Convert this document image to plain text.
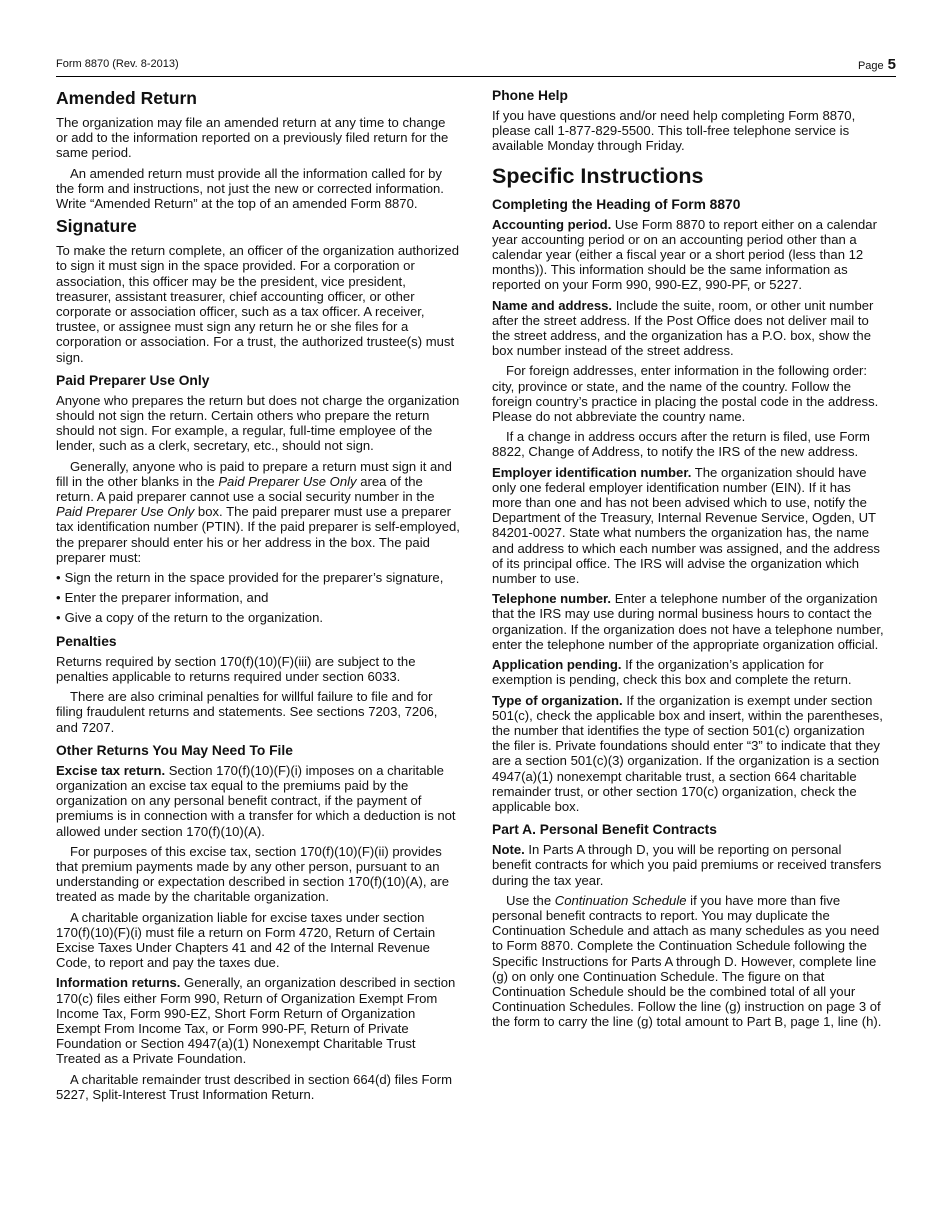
Form 8870 (Rev. 8-2013)	Page 5
Amended Return

The organization may file an amended return at any time to change or add to the information reported on a previously filed return for the same period.

An amended return must provide all the information called for by the form and instructions, not just the new or corrected information. Write “Amended Return” at the top of an amended Form 8870.

Signature

To make the return complete, an officer of the organization authorized to sign it must sign in the space provided. For a corporation or association, this officer may be the president, vice president, treasurer, assistant treasurer, chief accounting officer, or other corporate or association officer, such as a tax officer. A receiver, trustee, or assignee must sign any return he or she files for a corporation or association. For a trust, the authorized trustee(s) must sign.

Paid Preparer Use Only

Anyone who prepares the return but does not charge the organization should not sign the return. Certain others who prepare the return should not sign. For example, a regular, full-time employee of the lender, such as a clerk, secretary, etc., should not sign.

Generally, anyone who is paid to prepare a return must sign it and fill in the other blanks in the Paid Preparer Use Only area of the return. A paid preparer cannot use a social security number in the Paid Preparer Use Only box. The paid preparer must use a preparer tax identification number (PTIN). If the paid preparer is self-employed, the preparer should enter his or her address in the box. The paid preparer must:

• Sign the return in the space provided for the preparer’s signature,
• Enter the preparer information, and
• Give a copy of the return to the organization.
Penalties

Returns required by section 170(f)(10)(F)(iii) are subject to the penalties applicable to returns required under section 6033.

There are also criminal penalties for willful failure to file and for filing fraudulent returns and statements. See sections 7203, 7206, and 7207.

Other Returns You May Need To File

Excise tax return. Section 170(f)(10)(F)(i) imposes on a charitable organization an excise tax equal to the premiums paid by the organization on any personal benefit contract, if the payment of premiums is in connection with a transfer for which a deduction is not allowed under section 170(f)(10)(A).

For purposes of this excise tax, section 170(f)(10)(F)(ii) provides that premium payments made by any other person, pursuant to an understanding or expectation described in section 170(f)(10)(A), are treated as made by the charitable organization.

A charitable organization liable for excise taxes under section 170(f)(10)(F)(i) must file a return on Form 4720, Return of Certain Excise Taxes Under Chapters 41 and 42 of the Internal Revenue Code, to report and pay the taxes due.

Information returns. Generally, an organization described in section 170(c) files either Form 990, Return of Organization Exempt From Income Tax, Form 990-EZ, Short Form Return of Organization Exempt From Income Tax, or Form 990-PF, Return of Private Foundation or Section 4947(a)(1) Nonexempt Charitable Trust Treated as a Private Foundation.

A charitable remainder trust described in section 664(d) files Form 5227, Split-Interest Trust Information Return.

Phone Help

If you have questions and/or need help completing Form 8870, please call 1-877-829-5500. This toll-free telephone service is available Monday through Friday.

Specific Instructions
Completing the Heading of Form 8870

Accounting period. Use Form 8870 to report either on a calendar year accounting period or on an accounting period other than a calendar year (either a fiscal year or a short period (less than 12 months)). This information should be the same information as reported on your Form 990, 990-EZ, 990-PF, or 5227.

Name and address. Include the suite, room, or other unit number after the street address. If the Post Office does not deliver mail to the street address, and the organization has a P.O. box, show the box number instead of the street address.

For foreign addresses, enter information in the following order: city, province or state, and the name of the country. Follow the foreign country’s practice in placing the postal code in the address. Please do not abbreviate the country name.

If a change in address occurs after the return is filed, use Form 8822, Change of Address, to notify the IRS of the new address.

Employer identification number. The organization should have only one federal employer identification number (EIN). If it has more than one and has not been advised which to use, notify the Department of the Treasury, Internal Revenue Service, Ogden, UT 84201-0027. State what numbers the organization has, the name and address to which each number was assigned, and the address of its principal office. The IRS will advise the organization which number to use.

Telephone number. Enter a telephone number of the organization that the IRS may use during normal business hours to contact the organization. If the organization does not have a telephone number, enter the telephone number of the appropriate organization official.

Application pending. If the organization’s application for exemption is pending, check this box and complete the return.

Type of organization. If the organization is exempt under section 501(c), check the applicable box and insert, within the parentheses, the number that identifies the type of section 501(c) organization the filer is. Private foundations should enter “3” to indicate that they are a section 501(c)(3) organization. If the organization is a section 4947(a)(1) nonexempt charitable trust, a section 664 charitable remainder trust, or other section 170(c) organization, check the applicable box.

Part A. Personal Benefit Contracts

Note. In Parts A through D, you will be reporting on personal benefit contracts for which you paid premiums or received transfers during the tax year.

Use the Continuation Schedule if you have more than five personal benefit contracts to report. You may duplicate the Continuation Schedule and attach as many schedules as you need to Form 8870. Complete the Continuation Schedule following the Specific Instructions for Parts A through D. However, complete line (g) on only one Continuation Schedule. The figure on that Continuation Schedule should be the combined total of all your Continuation Schedules. Follow the line (g) instruction on page 3 of the form to carry the line (g) total amount to Part B, page 1, line (h).
